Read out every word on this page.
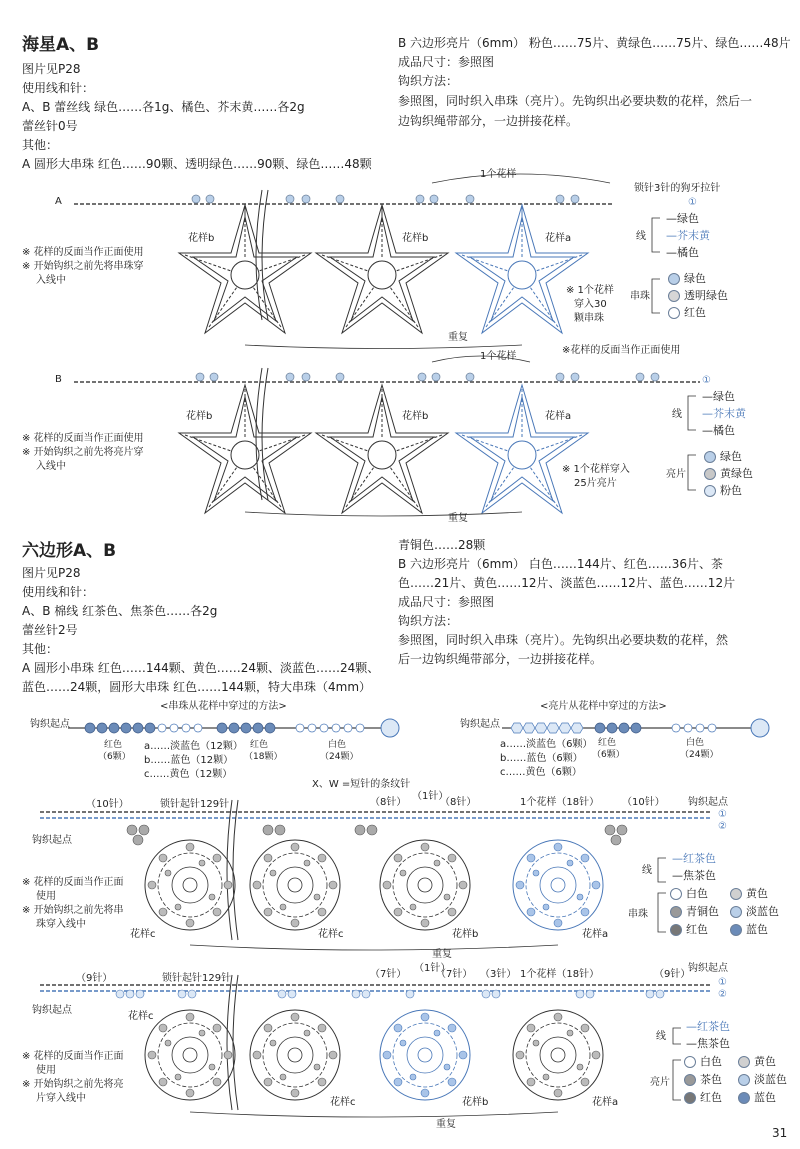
海星A、B
图片见P28
使用线和针：
A、B 蕾丝线 绿色……各1g、橘色、芥末黄……各2g
蕾丝针0号
其他：
A 圆形大串珠 红色……90颗、透明绿色……90颗、绿色……48颗
B 六边形亮片（6mm） 粉色……75片、黄绿色……75片、绿色……48片
成品尺寸：参照图
钩织方法：
参照图，同时织入串珠（亮片）。先钩织出必要块数的花样，然后一
边钩织绳带部分，一边拼接花样。
A
1个花样
锁针3针的狗牙拉针
①
花样b	花样b	花样a
※ 花样的反面当作正面使用
※ 开始钩织之前先将串珠穿
入线中
※ 1个花样
穿入30
颗串珠
重复
线
—绿色
—芥末黄
—橘色
串珠
绿色
透明绿色
红色
B
1个花样
※花样的反面当作正面使用
①
花样b	花样b	花样a
※ 花样的反面当作正面使用
※ 开始钩织之前先将亮片穿
入线中	※ 1个花样穿入
25片亮片
重复
线
—绿色
—芥末黄
—橘色
亮片
绿色
黄绿色
粉色
六边形A、B
图片见P28
使用线和针：
A、B 棉线 红茶色、焦茶色……各2g
蕾丝针2号
其他：
A 圆形小串珠 红色……144颗、黄色……24颗、淡蓝色……24颗、
蓝色……24颗，圆形大串珠 红色……144颗，特大串珠（4mm）
青铜色……28颗
B 六边形亮片（6mm） 白色……144片、红色……36片、茶
色……21片、黄色……12片、淡蓝色……12片、蓝色……12片
成品尺寸：参照图
钩织方法：
参照图，同时织入串珠（亮片）。先钩织出必要块数的花样，然
后一边钩织绳带部分，一边拼接花样。
<串珠从花样中穿过的方法>	<亮片从花样中穿过的方法>
钩织起点
红色
（6颗）
红色
（18颗）
白色
（24颗）
a……淡蓝色（12颗）
b……蓝色（12颗）
c……黄色（12颗）
钩织起点
红色
（6颗）
白色
（24颗）
a……淡蓝色（6颗）
b……蓝色（6颗）
c……黄色（6颗）
X、W =短针的条纹针
（10针）	锁针起针129针
钩织起点
（8针）
（1针）
（8针）	1个花样（18针） （10针） 钩织起点
①
②
※ 花样的反面当作正面
使用
※ 开始钩织之前先将串
珠穿入线中
花样c	花样c	花样b	花样a
重复
线
—红茶色
—焦茶色
串珠
白色	黄色
青铜色	淡蓝色
红色	蓝色
（9针）	锁针起针129针
钩织起点
（7针）
（1针）
（7针） （3针） 1个花样（18针）	（9针）
钩织起点
①
②
花样c
※ 花样的反面当作正面
使用
※ 开始钩织之前先将亮
片穿入线中	花样c	花样b	花样a
重复
线
—红茶色
—焦茶色
亮片
白色	黄色
茶色	淡蓝色
红色	蓝色
31
